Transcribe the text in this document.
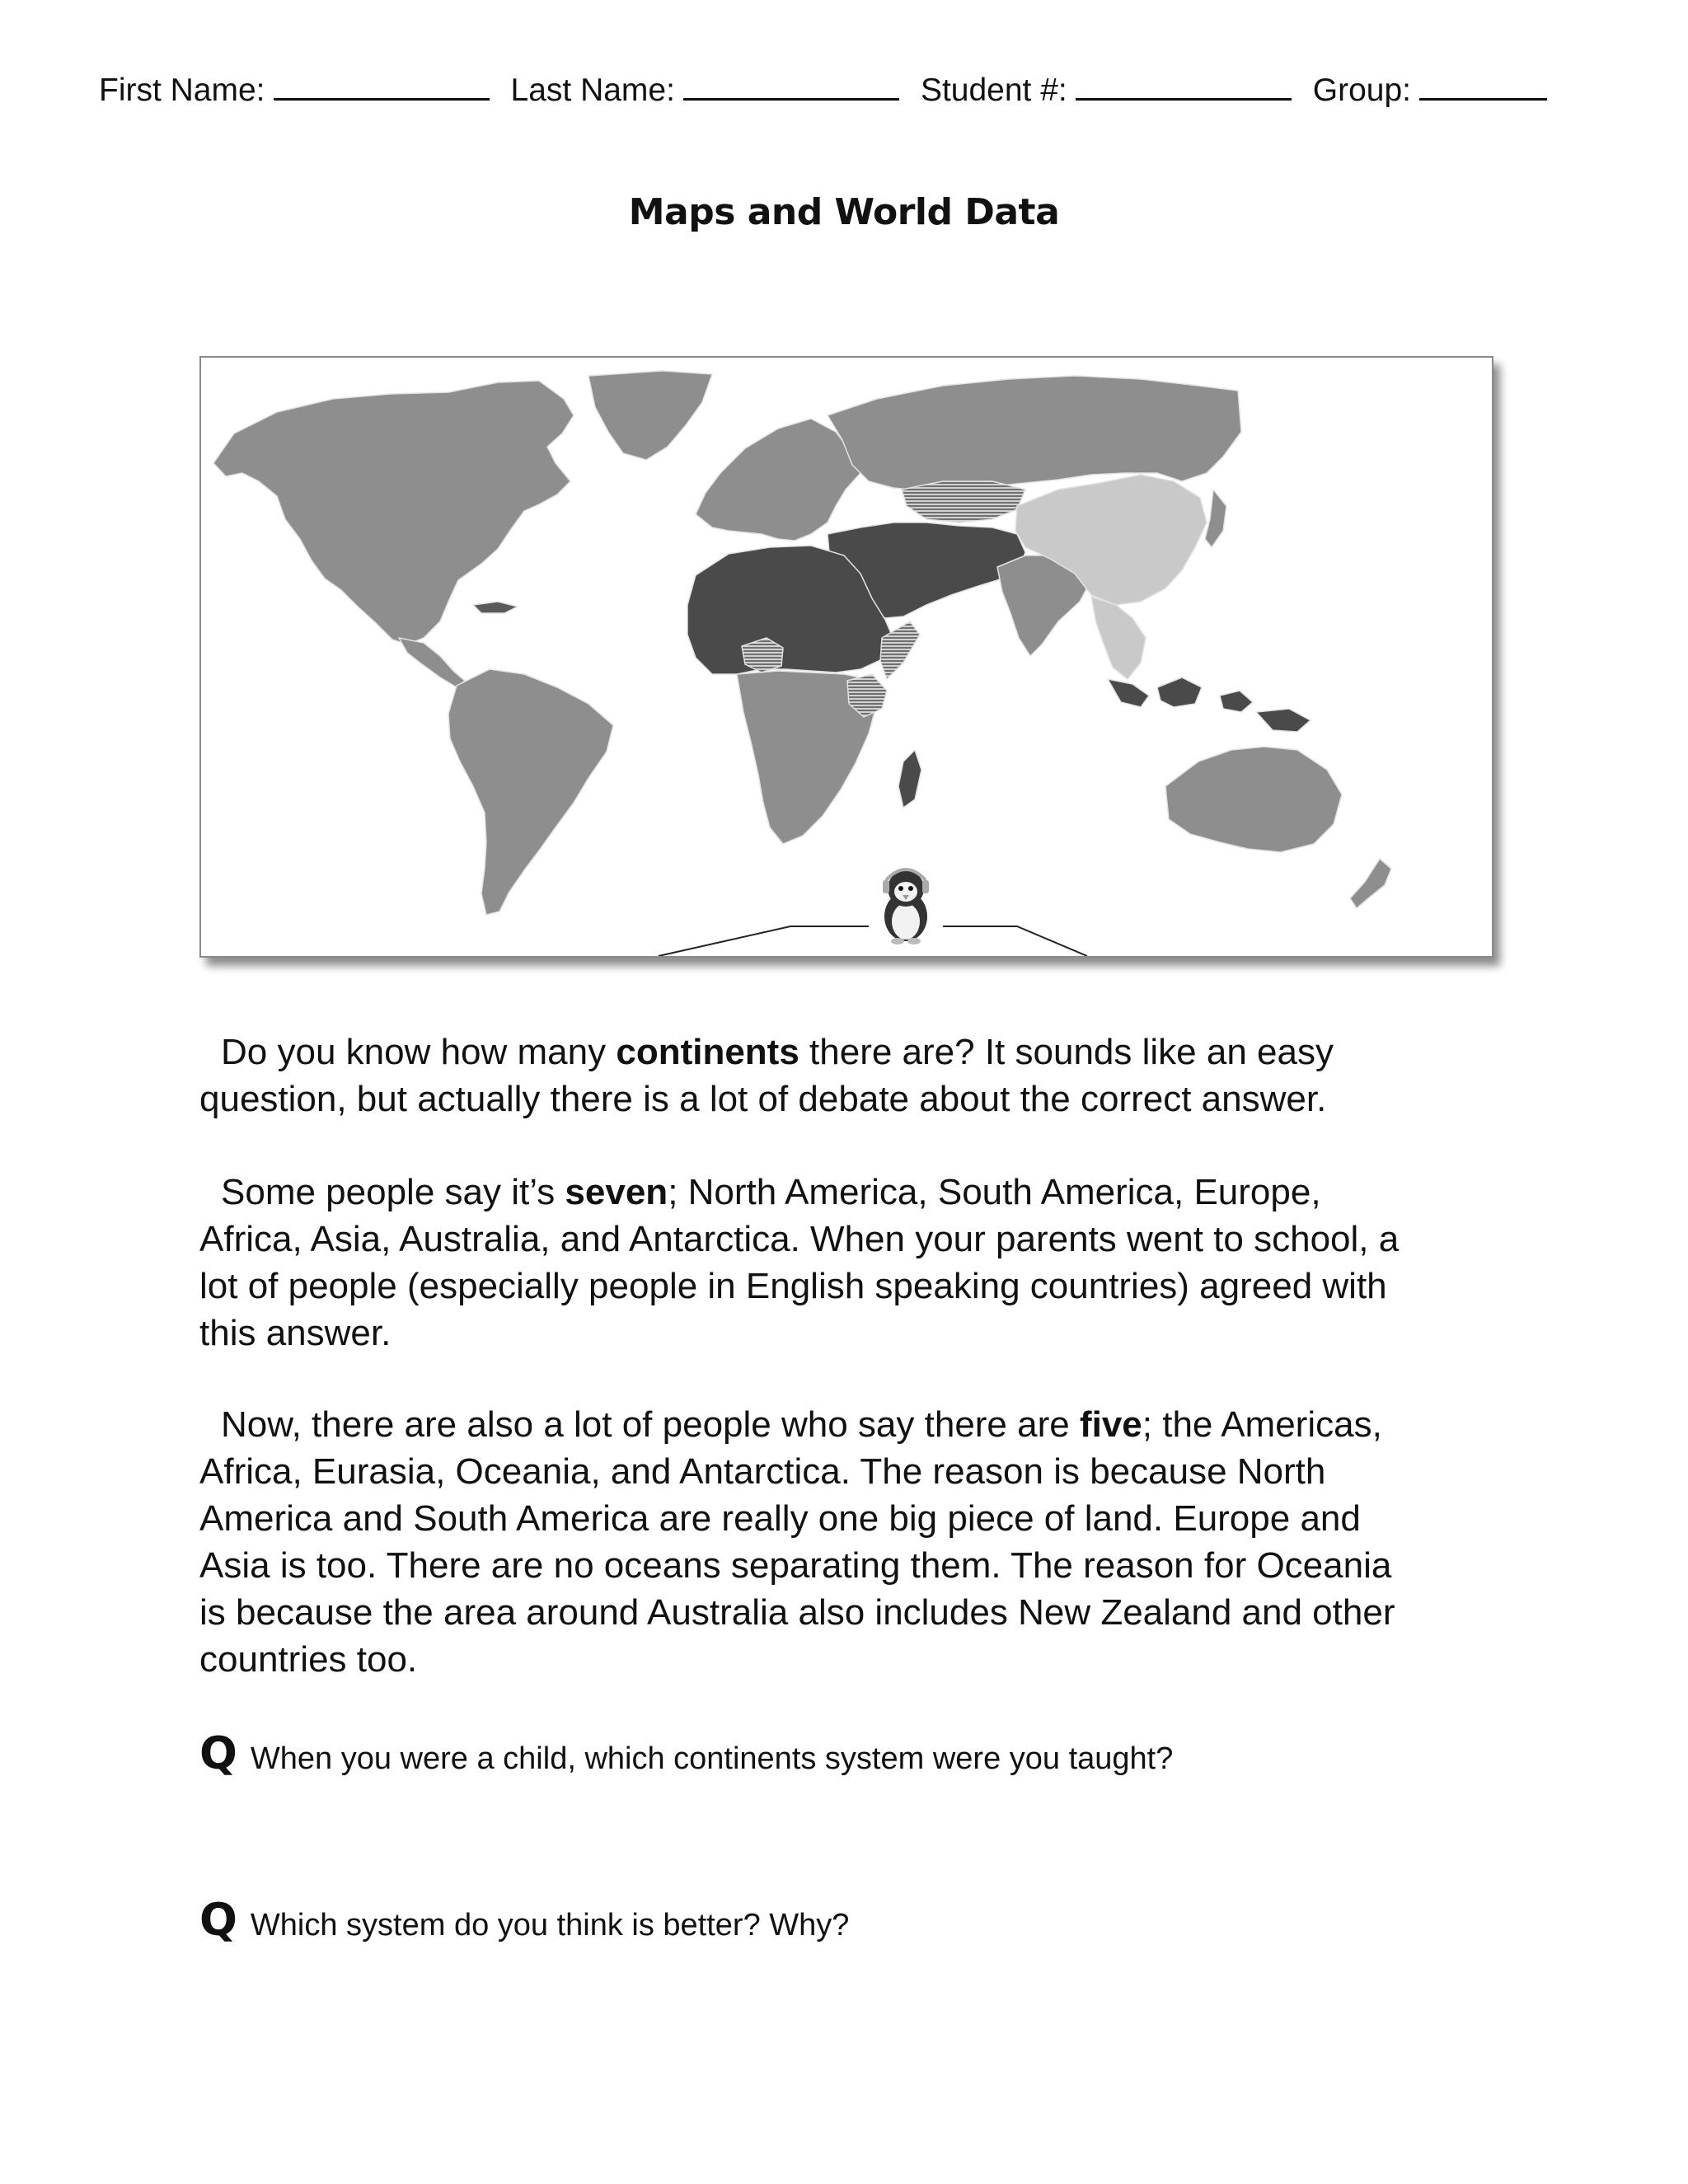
First Name:	Last Name:	Student #:	Group:
Maps and World Data

Do you know how many continents there are? It sounds like an easy
question, but actually there is a lot of debate about the correct answer.

Some people say it’s seven; North America, South America, Europe,
Africa, Asia, Australia, and Antarctica. When your parents went to school, a
lot of people (especially people in English speaking countries) agreed with
this answer.

Now, there are also a lot of people who say there are five; the Americas,
Africa, Eurasia, Oceania, and Antarctica. The reason is because North
America and South America are really one big piece of land. Europe and
Asia is too. There are no oceans separating them. The reason for Oceania
is because the area around Australia also includes New Zealand and other
countries too.

Q When you were a child, which continents system were you taught?
Q Which system do you think is better? Why?
